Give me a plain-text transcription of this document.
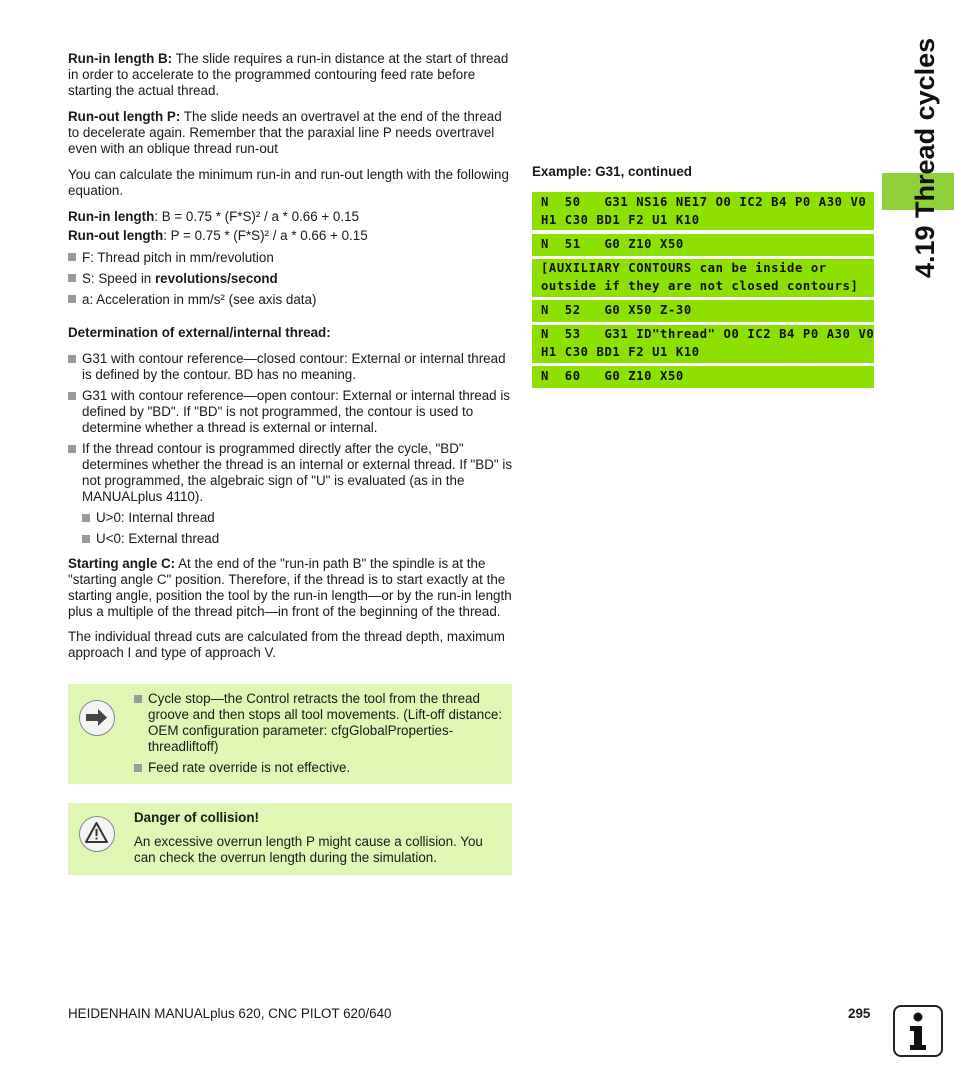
Run-in length B: The slide requires a run-in distance at the start of thread in order to accelerate to the programmed contouring feed rate before starting the actual thread.

Run-out length P: The slide needs an overtravel at the end of the thread to decelerate again. Remember that the paraxial line P needs overtravel even with an oblique thread run-out

You can calculate the minimum run-in and run-out length with the following equation.

Run-in length: B = 0.75 * (F*S)² / a * 0.66 + 0.15

Run-out length: P = 0.75 * (F*S)² / a * 0.66 + 0.15

F: Thread pitch in mm/revolution

S: Speed in revolutions/second

a: Acceleration in mm/s² (see axis data)

Determination of external/internal thread:

G31 with contour reference—closed contour: External or internal thread is defined by the contour. BD has no meaning.

G31 with contour reference—open contour: External or internal thread is defined by "BD". If "BD" is not programmed, the contour is used to determine whether a thread is external or internal.

If the thread contour is programmed directly after the cycle, "BD" determines whether the thread is an internal or external thread. If "BD" is not programmed, the algebraic sign of "U" is evaluated (as in the MANUALplus 4110).

U>0: Internal thread

U<0: External thread

Starting angle C: At the end of the "run-in path B" the spindle is at the "starting angle C" position. Therefore, if the thread is to start exactly at the starting angle, position the tool by the run-in length—or by the run-in length plus a multiple of the thread pitch—in front of the beginning of the thread.

The individual thread cuts are calculated from the thread depth, maximum approach I and type of approach V.

Cycle stop—the Control retracts the tool from the thread groove and then stops all tool movements. (Lift-off distance: OEM configuration parameter: cfgGlobalProperties-threadliftoff)

Feed rate override is not effective.

Danger of collision!

An excessive overrun length P might cause a collision. You can check the overrun length during the simulation.

Example: G31, continued

N  50   G31 NS16 NE17 O0 IC2 B4 P0 A30 V0
H1 C30 BD1 F2 U1 K10
N  51   G0 Z10 X50
[AUXILIARY CONTOURS can be inside or
outside if they are not closed contours]
N  52   G0 X50 Z-30
N  53   G31 ID"thread" O0 IC2 B4 P0 A30 V0
H1 C30 BD1 F2 U1 K10
N  60   G0 Z10 X50
4.19 Thread cycles
HEIDENHAIN MANUALplus 620, CNC PILOT 620/640	295
